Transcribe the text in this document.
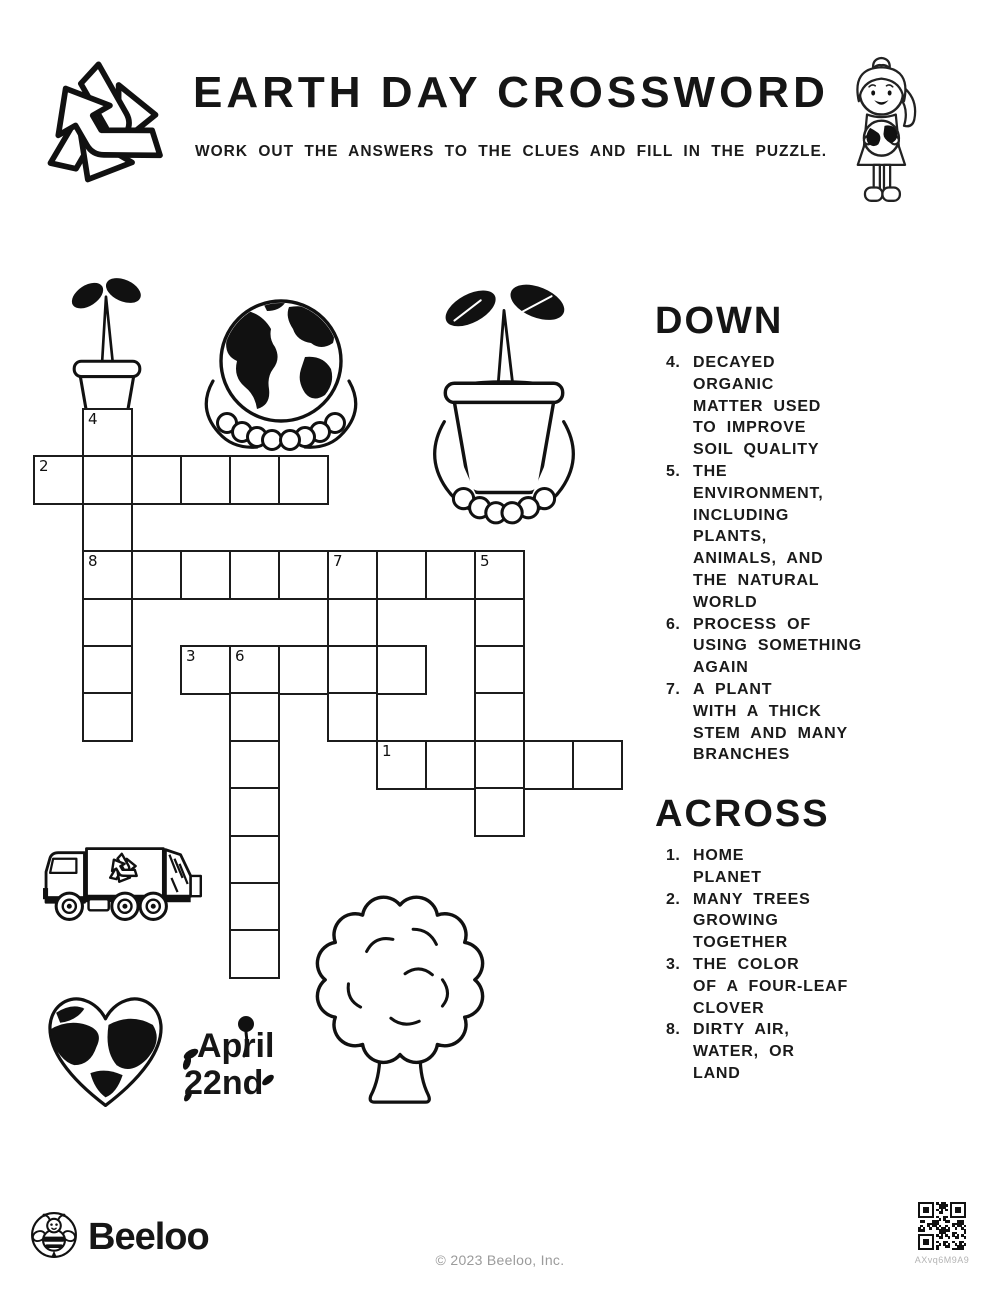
EARTH DAY CROSSWORD
WORK OUT THE ANSWERS TO THE CLUES AND FILL IN THE PUZZLE.
4
2
8	7	5
3	6
1
DOWN
4. DECAYED
ORGANIC
MATTER USED
TO IMPROVE
SOIL QUALITY
5. THE
ENVIRONMENT,
INCLUDING
PLANTS,
ANIMALS, AND
THE NATURAL
WORLD
6. PROCESS OF
USING SOMETHING
AGAIN
7. A PLANT
WITH A THICK
STEM AND MANY
BRANCHES
ACROSS
1. HOME
PLANET
2. MANY TREES
GROWING
TOGETHER
3. THE COLOR
OF A FOUR-LEAF
CLOVER
8. DIRTY AIR,
WATER, OR
LAND
April
22nd
Beeloo
© 2023 Beeloo, Inc.	AXvq6M9A9
